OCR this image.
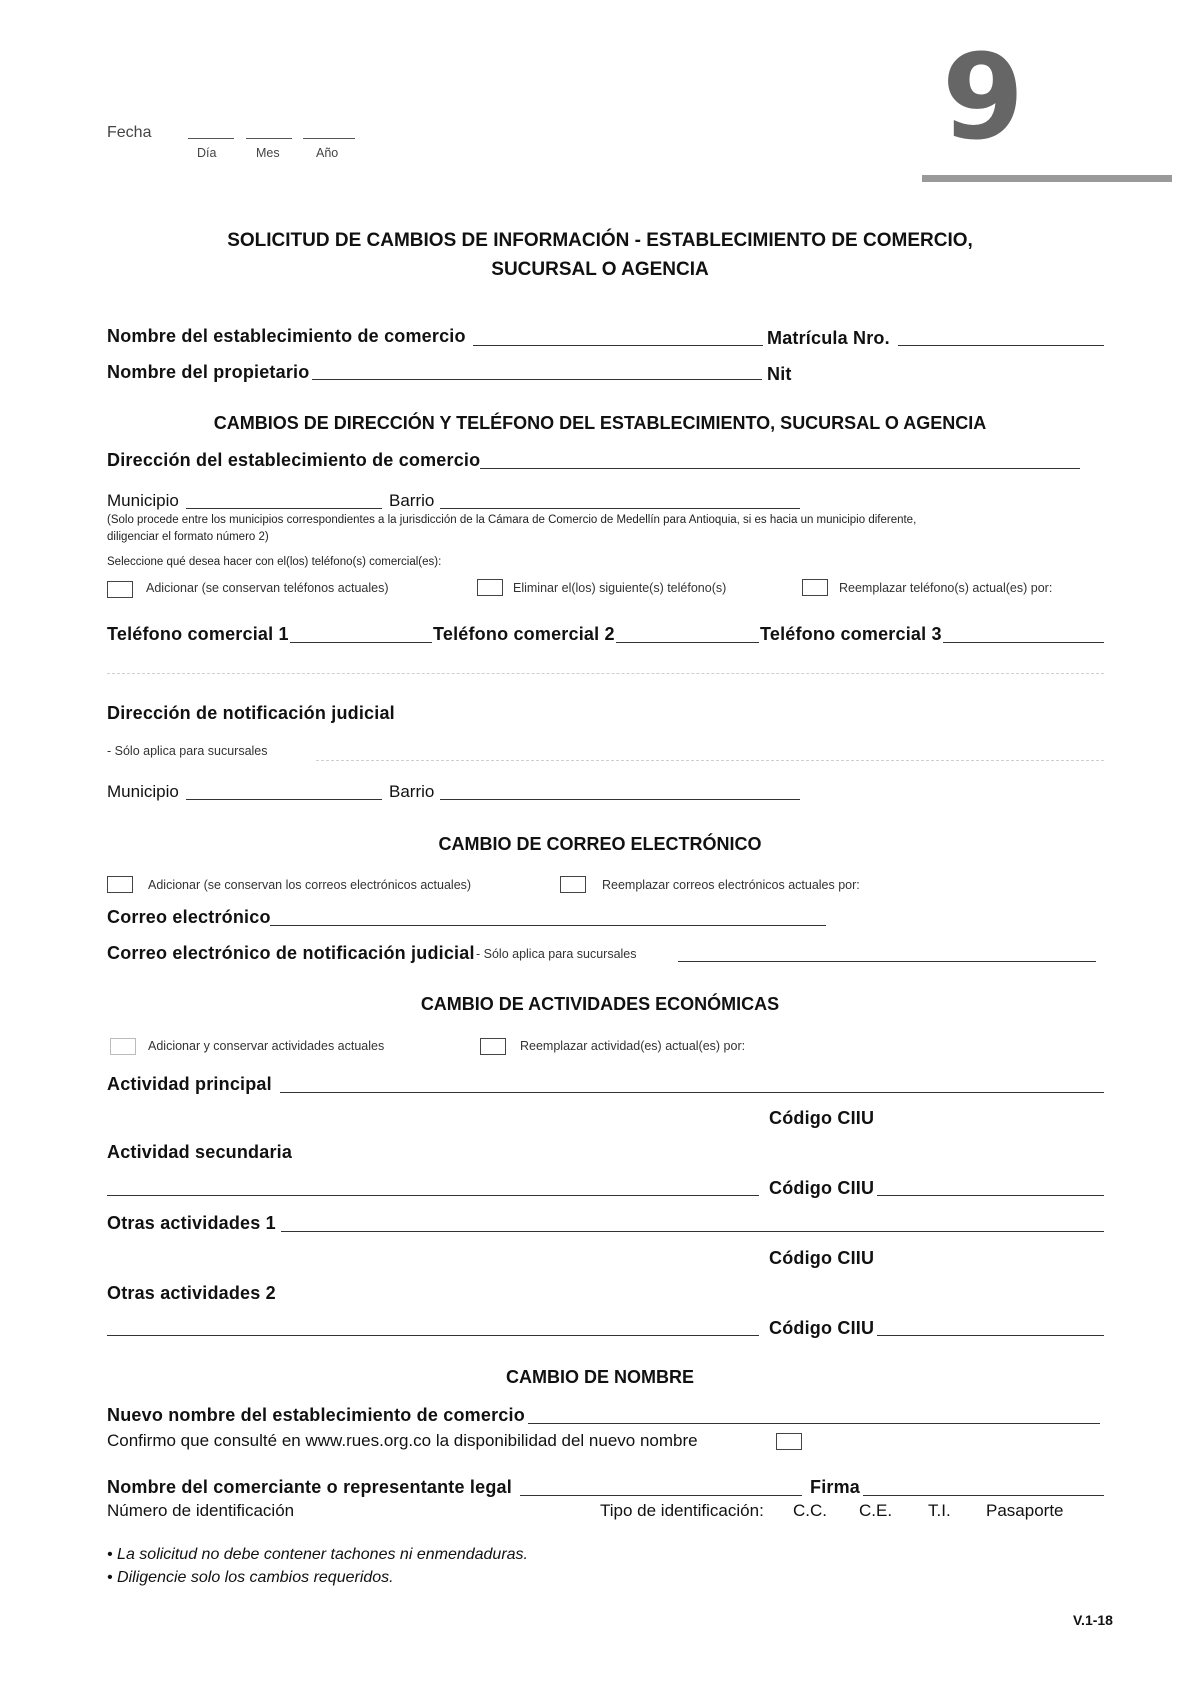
Fecha
Día	Mes	Año	9
SOLICITUD DE CAMBIOS DE INFORMACIÓN - ESTABLECIMIENTO DE COMERCIO,
SUCURSAL O AGENCIA
Nombre del establecimiento de comercio	Matrícula Nro.
Nombre del propietario	Nit
CAMBIOS DE DIRECCIÓN Y TELÉFONO DEL ESTABLECIMIENTO, SUCURSAL O AGENCIA
Dirección del establecimiento de comercio
Municipio	Barrio
(Solo procede entre los municipios correspondientes a la jurisdicción de la Cámara de Comercio de Medellín para Antioquia, si es hacia un municipio diferente,
diligenciar el formato número 2)
Seleccione qué desea hacer con el(los) teléfono(s) comercial(es):
Adicionar (se conservan teléfonos actuales)	Eliminar el(los) siguiente(s) teléfono(s)	Reemplazar teléfono(s) actual(es) por:
Teléfono comercial 1	Teléfono comercial 2	Teléfono comercial 3
Dirección de notificación judicial
- Sólo aplica para sucursales
Municipio	Barrio
CAMBIO DE CORREO ELECTRÓNICO
Adicionar (se conservan los correos electrónicos actuales)	Reemplazar correos electrónicos actuales por:
Correo electrónico
Correo electrónico de notificación judicial - Sólo aplica para sucursales
CAMBIO DE ACTIVIDADES ECONÓMICAS
Adicionar y conservar actividades actuales	Reemplazar actividad(es) actual(es) por:
Actividad principal
Código CIIU
Actividad secundaria
Código CIIU
Otras actividades 1
Código CIIU
Otras actividades 2
Código CIIU
CAMBIO DE NOMBRE
Nuevo nombre del establecimiento de comercio
Confirmo que consulté en www.rues.org.co la disponibilidad del nuevo nombre
Nombre del comerciante o representante legal	Firma
Número de identificación	Tipo de identificación: C.C. C.E. T.I. Pasaporte
• La solicitud no debe contener tachones ni enmendaduras.
• Diligencie solo los cambios requeridos.
V.1-18
